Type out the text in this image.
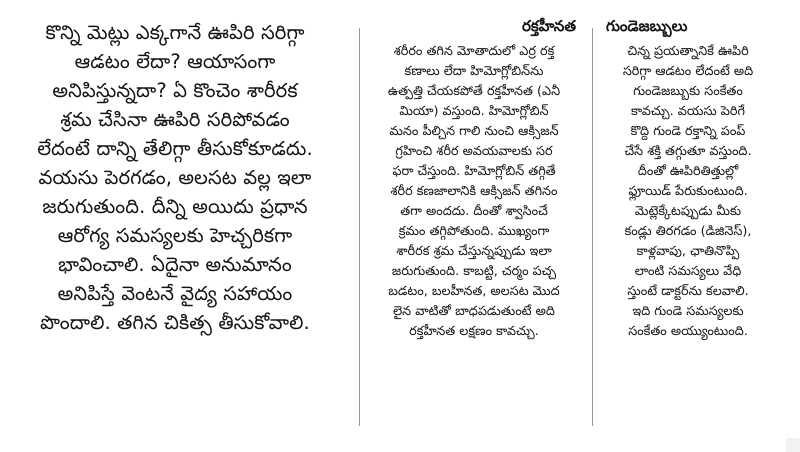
కొన్ని మెట్లు ఎక్కగానే ఊపిరి సరిగ్గా
ఆడటం లేదా? ఆయాసంగా
అనిపిస్తున్నదా? ఏ కొంచెం శారీరక
శ్రమ చేసినా ఊపిరి సరిపోవడం
లేదంటే దాన్ని తేలిగ్గా తీసుకోకూడదు.
వయసు పెరగడం, అలసట వల్ల ఇలా
జరుగుతుంది. దీన్ని అయిదు ప్రధాన
ఆరోగ్య సమస్యలకు హెచ్చరికగా
భావించాలి. ఏదైనా అనుమానం
అనిపిస్తే వెంటనే వైద్య సహాయం
పొందాలి. తగిన చికిత్స తీసుకోవాలి.
రక్తహీనత
శరీరం తగిన మోతాదులో ఎర్ర రక్త
కణాలు లేదా హిమోగ్లోబిన్‌ను
ఉత్పత్తి చేయకపోతే రక్తహీనత (ఎనీ
మియా) వస్తుంది. హిమోగ్లోబిన్
మనం పీల్చిన గాలి నుంచి ఆక్సిజన్
గ్రహించి శరీర అవయవాలకు సర
ఫరా చేస్తుంది. హిమోగ్లోబిన్ తగ్గితే
శరీర కణజాలానికి ఆక్సిజన్ తగినం
తగా అందదు. దీంతో శ్వాసించే
క్రమం తగ్గిపోతుంది. ముఖ్యంగా
శారీరక శ్రమ చేస్తున్నప్పుడు ఇలా
జరుగుతుంది. కాబట్టి, చర్మం పచ్చ
బడటం, బలహీనత, అలసట మొద
లైన వాటితో బాధపడుతుంటే అది
రక్తహీనత లక్షణం కావచ్చు.
గుండెజబ్బులు
చిన్న ప్రయత్నానికే ఊపిరి
సరిగ్గా ఆడటం లేదంటే అది
గుండెజబ్బుకు సంకేతం
కావచ్చు. వయసు పెరిగే
కొద్ది గుండె రక్తాన్ని పంప్
చేసే శక్తి తగ్గుతూ వస్తుంది.
దీంతో ఊపిరితిత్తుల్లో
ఫ్లూయిడ్ పేరుకుంటుంది.
మెట్లెక్కేటప్పుడు మీకు
కండ్లు తిరగడం (డిజినెస్),
కాళ్లవాపు, ఛాతినొప్పి
లాంటి సమస్యలు వేధి
స్తుంటే డాక్టర్‌ను కలవాలి.
ఇది గుండె సమస్యలకు
సంకేతం అయ్యుంటుంది.
